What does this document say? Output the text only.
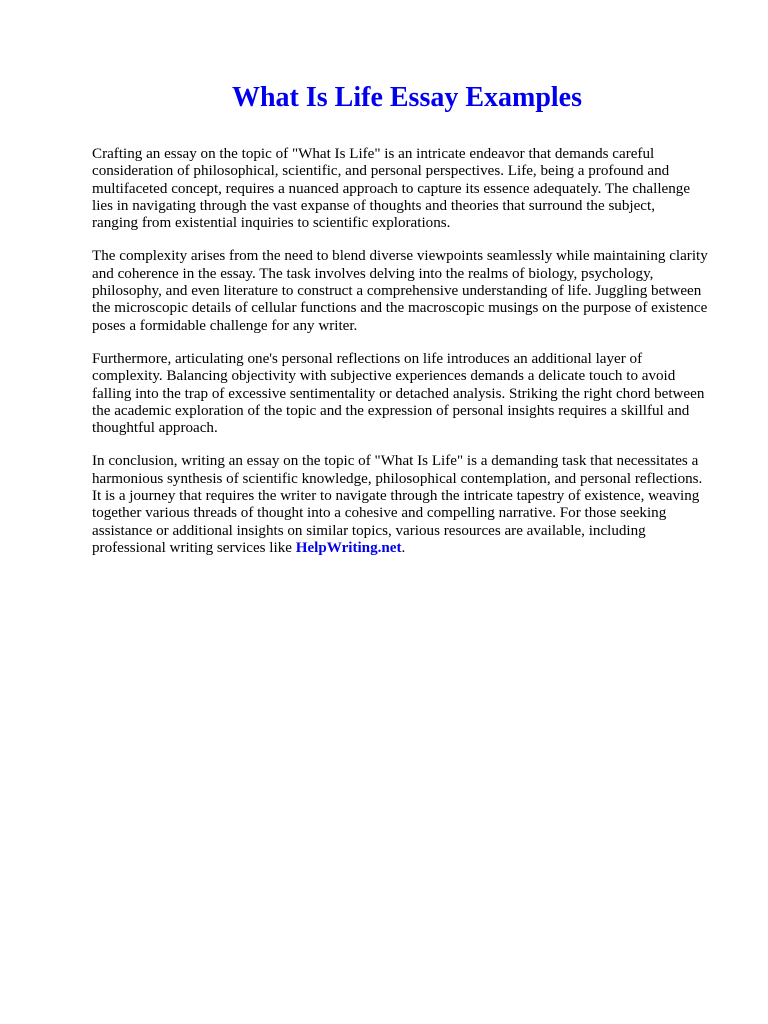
What Is Life Essay Examples

Crafting an essay on the topic of "What Is Life" is an intricate endeavor that demands careful
consideration of philosophical, scientific, and personal perspectives. Life, being a profound and
multifaceted concept, requires a nuanced approach to capture its essence adequately. The challenge
lies in navigating through the vast expanse of thoughts and theories that surround the subject,
ranging from existential inquiries to scientific explorations.

The complexity arises from the need to blend diverse viewpoints seamlessly while maintaining clarity
and coherence in the essay. The task involves delving into the realms of biology, psychology,
philosophy, and even literature to construct a comprehensive understanding of life. Juggling between
the microscopic details of cellular functions and the macroscopic musings on the purpose of existence
poses a formidable challenge for any writer.

Furthermore, articulating one's personal reflections on life introduces an additional layer of
complexity. Balancing objectivity with subjective experiences demands a delicate touch to avoid
falling into the trap of excessive sentimentality or detached analysis. Striking the right chord between
the academic exploration of the topic and the expression of personal insights requires a skillful and
thoughtful approach.

In conclusion, writing an essay on the topic of "What Is Life" is a demanding task that necessitates a
harmonious synthesis of scientific knowledge, philosophical contemplation, and personal reflections.
It is a journey that requires the writer to navigate through the intricate tapestry of existence, weaving
together various threads of thought into a cohesive and compelling narrative. For those seeking
assistance or additional insights on similar topics, various resources are available, including
professional writing services like HelpWriting.net.
